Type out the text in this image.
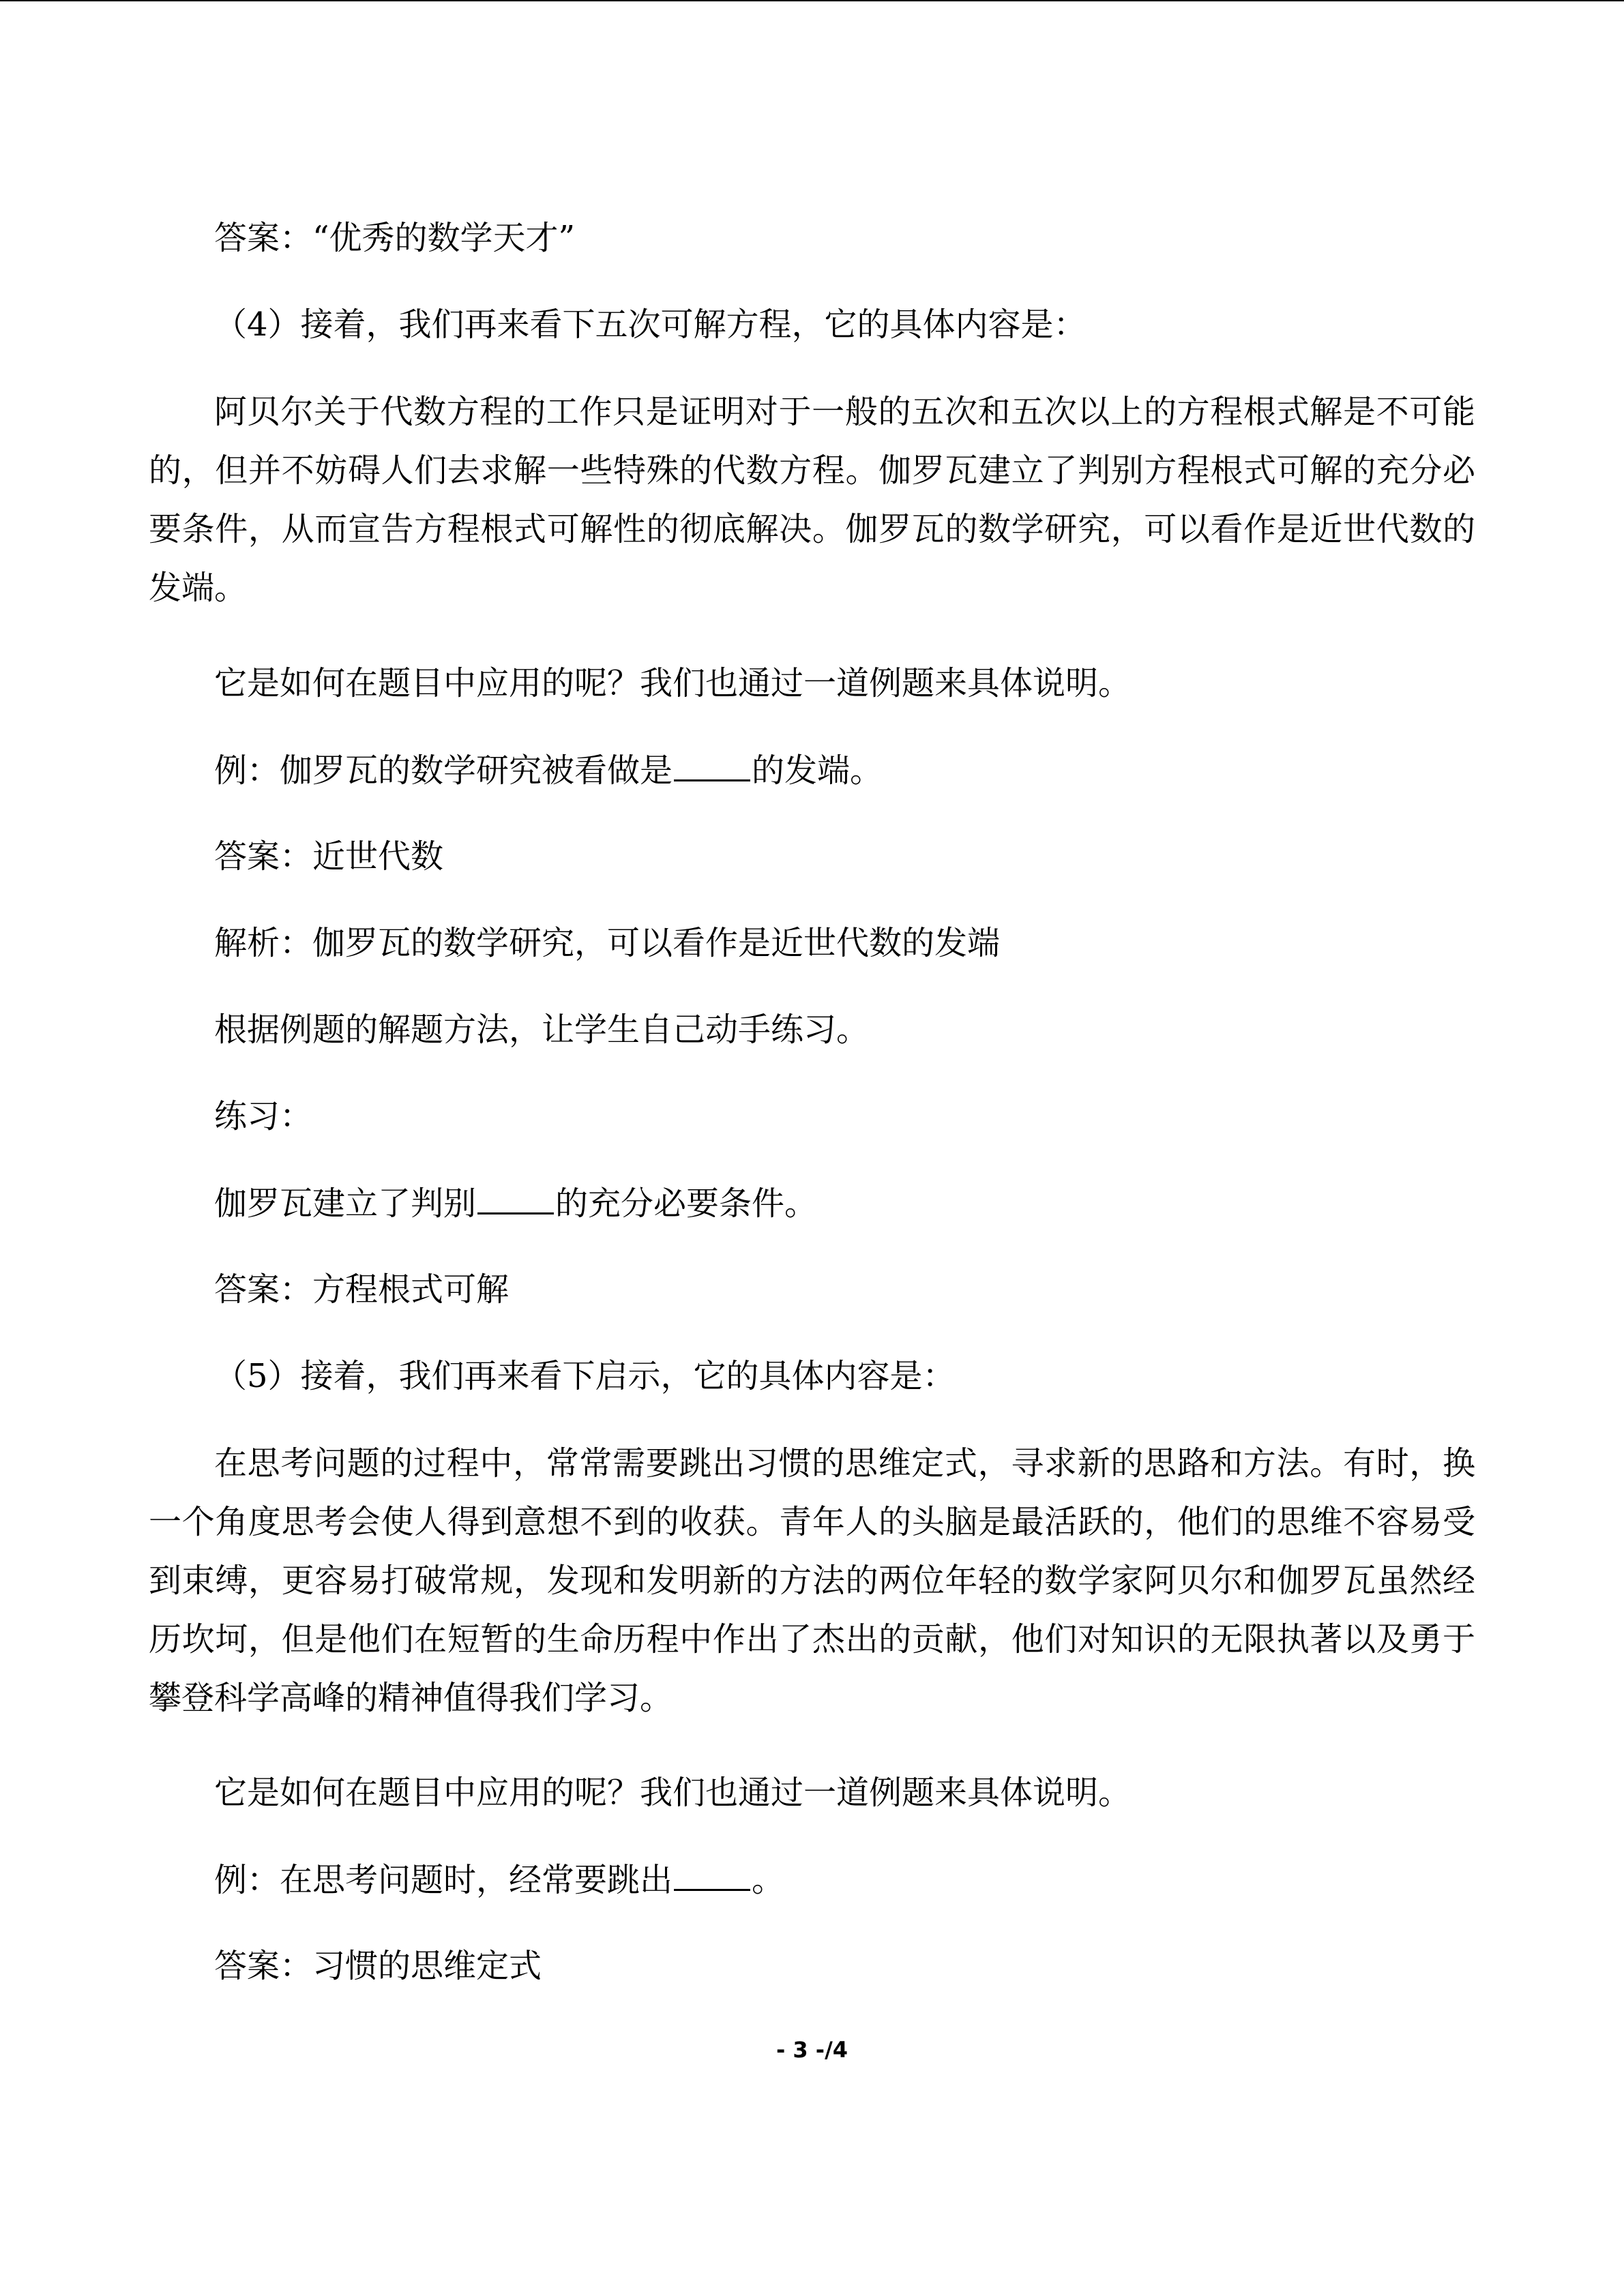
答案：“优秀的数学天才”
（4）接着，我们再来看下五次可解方程，它的具体内容是：

阿贝尔关于代数方程的工作只是证明对于一般的五次和五次以上的方程根式解是不可能的，但并不妨碍人们去求解一些特殊的代数方程。伽罗瓦建立了判别方程根式可解的充分必要条件，从而宣告方程根式可解性的彻底解决。伽罗瓦的数学研究，可以看作是近世代数的发端。

它是如何在题目中应用的呢？我们也通过一道例题来具体说明。
例：伽罗瓦的数学研究被看做是 的发端。
答案：近世代数
解析：伽罗瓦的数学研究，可以看作是近世代数的发端
根据例题的解题方法，让学生自己动手练习。
练习：
伽罗瓦建立了判别 的充分必要条件。
答案：方程根式可解
（5）接着，我们再来看下启示，它的具体内容是：

在思考问题的过程中，常常需要跳出习惯的思维定式，寻求新的思路和方法。有时，换一个角度思考会使人得到意想不到的收获。青年人的头脑是最活跃的，他们的思维不容易受到束缚，更容易打破常规，发现和发明新的方法的两位年轻的数学家阿贝尔和伽罗瓦虽然经历坎坷，但是他们在短暂的生命历程中作出了杰出的贡献，他们对知识的无限执著以及勇于攀登科学高峰的精神值得我们学习。

它是如何在题目中应用的呢？我们也通过一道例题来具体说明。
例：在思考问题时，经常要跳出 。
答案：习惯的思维定式
- 3 -/4
